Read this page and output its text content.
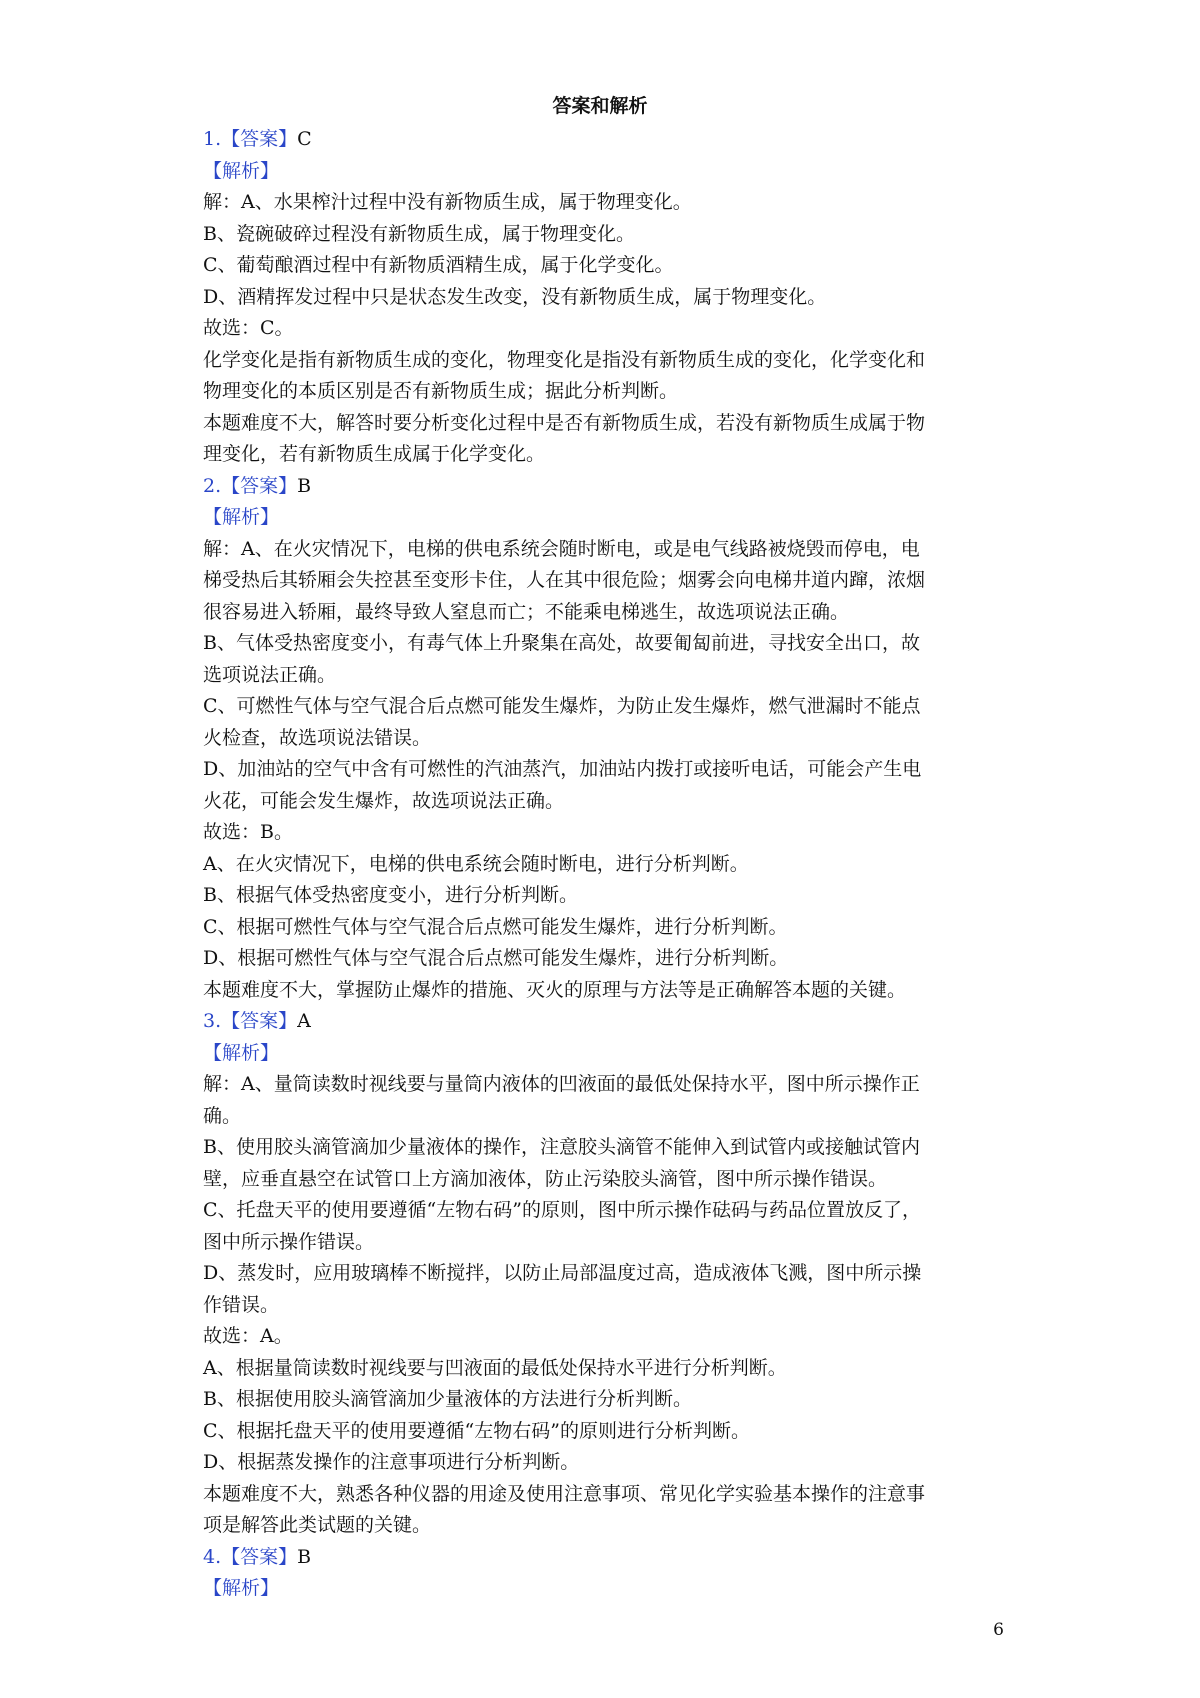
答案和解析
1.【答案】C
【解析】
解：A、水果榨汁过程中没有新物质生成，属于物理变化。
B、瓷碗破碎过程没有新物质生成，属于物理变化。
C、葡萄酿酒过程中有新物质酒精生成，属于化学变化。
D、酒精挥发过程中只是状态发生改变，没有新物质生成，属于物理变化。
故选：C。
化学变化是指有新物质生成的变化，物理变化是指没有新物质生成的变化，化学变化和
物理变化的本质区别是否有新物质生成；据此分析判断。
本题难度不大，解答时要分析变化过程中是否有新物质生成，若没有新物质生成属于物
理变化，若有新物质生成属于化学变化。
2.【答案】B
【解析】
解：A、在火灾情况下，电梯的供电系统会随时断电，或是电气线路被烧毁而停电，电
梯受热后其轿厢会失控甚至变形卡住，人在其中很危险；烟雾会向电梯井道内蹿，浓烟
很容易进入轿厢，最终导致人窒息而亡；不能乘电梯逃生，故选项说法正确。
B、气体受热密度变小，有毒气体上升聚集在高处，故要匍匐前进，寻找安全出口，故
选项说法正确。
C、可燃性气体与空气混合后点燃可能发生爆炸，为防止发生爆炸，燃气泄漏时不能点
火检查，故选项说法错误。
D、加油站的空气中含有可燃性的汽油蒸汽，加油站内拨打或接听电话，可能会产生电
火花，可能会发生爆炸，故选项说法正确。
故选：B。
A、在火灾情况下，电梯的供电系统会随时断电，进行分析判断。
B、根据气体受热密度变小，进行分析判断。
C、根据可燃性气体与空气混合后点燃可能发生爆炸，进行分析判断。
D、根据可燃性气体与空气混合后点燃可能发生爆炸，进行分析判断。
本题难度不大，掌握防止爆炸的措施、灭火的原理与方法等是正确解答本题的关键。
3.【答案】A
【解析】
解：A、量筒读数时视线要与量筒内液体的凹液面的最低处保持水平，图中所示操作正
确。
B、使用胶头滴管滴加少量液体的操作，注意胶头滴管不能伸入到试管内或接触试管内
壁，应垂直悬空在试管口上方滴加液体，防止污染胶头滴管，图中所示操作错误。
C、托盘天平的使用要遵循“左物右码”的原则，图中所示操作砝码与药品位置放反了，
图中所示操作错误。
D、蒸发时，应用玻璃棒不断搅拌，以防止局部温度过高，造成液体飞溅，图中所示操
作错误。
故选：A。
A、根据量筒读数时视线要与凹液面的最低处保持水平进行分析判断。
B、根据使用胶头滴管滴加少量液体的方法进行分析判断。
C、根据托盘天平的使用要遵循“左物右码”的原则进行分析判断。
D、根据蒸发操作的注意事项进行分析判断。
本题难度不大，熟悉各种仪器的用途及使用注意事项、常见化学实验基本操作的注意事
项是解答此类试题的关键。
4.【答案】B
【解析】
6
